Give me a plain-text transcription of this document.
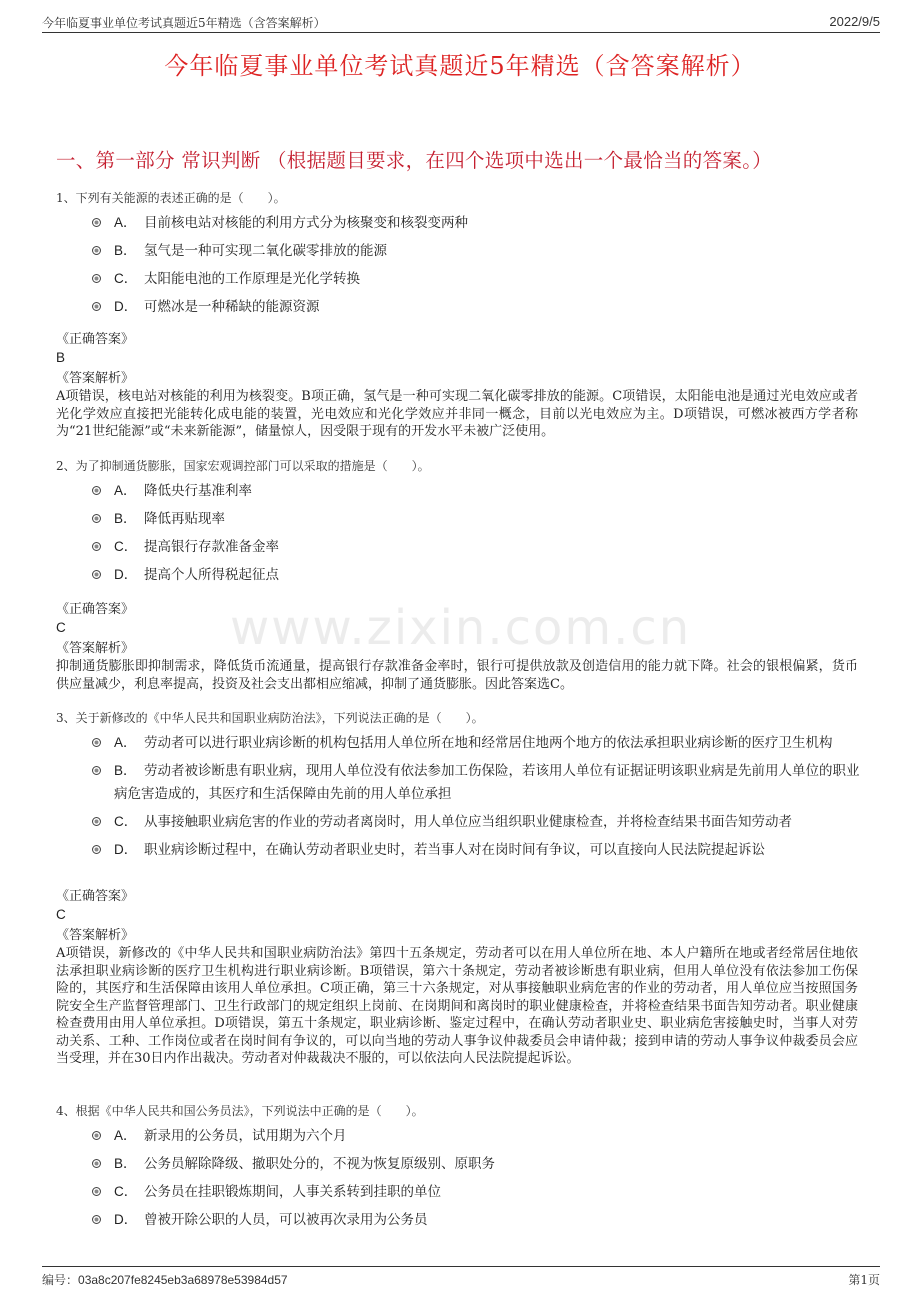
今年临夏事业单位考试真题近5年精选（含答案解析）	2022/9/5
今年临夏事业单位考试真题近5年精选（含答案解析）
一、第一部分 常识判断 （根据题目要求，在四个选项中选出一个最恰当的答案。）
www.zixin.com.cn
1、下列有关能源的表述正确的是（　　）。
A． 目前核电站对核能的利用方式分为核聚变和核裂变两种
B． 氢气是一种可实现二氧化碳零排放的能源
C． 太阳能电池的工作原理是光化学转换
D． 可燃冰是一种稀缺的能源资源
《正确答案》
B
《答案解析》
A项错误，核电站对核能的利用为核裂变。B项正确，氢气是一种可实现二氧化碳零排放的能源。C项错误，太阳能电池是通过光电效应或者光化学效应直接把光能转化成电能的装置，光电效应和光化学效应并非同一概念，目前以光电效应为主。D项错误，可燃冰被西方学者称为“21世纪能源”或“未来新能源”，储量惊人，因受限于现有的开发水平未被广泛使用。
2、为了抑制通货膨胀，国家宏观调控部门可以采取的措施是（　　）。
A． 降低央行基准利率
B． 降低再贴现率
C． 提高银行存款准备金率
D． 提高个人所得税起征点
《正确答案》
C
《答案解析》
抑制通货膨胀即抑制需求，降低货币流通量，提高银行存款准备金率时，银行可提供放款及创造信用的能力就下降。社会的银根偏紧，货币供应量减少，利息率提高，投资及社会支出都相应缩减，抑制了通货膨胀。因此答案选C。
3、关于新修改的《中华人民共和国职业病防治法》，下列说法正确的是（　　）。
A． 劳动者可以进行职业病诊断的机构包括用人单位所在地和经常居住地两个地方的依法承担职业病诊断的医疗卫生机构
B． 劳动者被诊断患有职业病，现用人单位没有依法参加工伤保险，若该用人单位有证据证明该职业病是先前用人单位的职业病危害造成的，其医疗和生活保障由先前的用人单位承担
C． 从事接触职业病危害的作业的劳动者离岗时，用人单位应当组织职业健康检查，并将检查结果书面告知劳动者
D． 职业病诊断过程中，在确认劳动者职业史时，若当事人对在岗时间有争议，可以直接向人民法院提起诉讼
《正确答案》
C
《答案解析》
A项错误，新修改的《中华人民共和国职业病防治法》第四十五条规定，劳动者可以在用人单位所在地、本人户籍所在地或者经常居住地依法承担职业病诊断的医疗卫生机构进行职业病诊断。B项错误，第六十条规定，劳动者被诊断患有职业病，但用人单位没有依法参加工伤保险的，其医疗和生活保障由该用人单位承担。C项正确，第三十六条规定，对从事接触职业病危害的作业的劳动者，用人单位应当按照国务院安全生产监督管理部门、卫生行政部门的规定组织上岗前、在岗期间和离岗时的职业健康检查，并将检查结果书面告知劳动者。职业健康检查费用由用人单位承担。D项错误，第五十条规定，职业病诊断、鉴定过程中，在确认劳动者职业史、职业病危害接触史时，当事人对劳动关系、工种、工作岗位或者在岗时间有争议的，可以向当地的劳动人事争议仲裁委员会申请仲裁；接到申请的劳动人事争议仲裁委员会应当受理，并在30日内作出裁决。劳动者对仲裁裁决不服的，可以依法向人民法院提起诉讼。
4、根据《中华人民共和国公务员法》，下列说法中正确的是（　　）。
A． 新录用的公务员，试用期为六个月
B． 公务员解除降级、撤职处分的，不视为恢复原级别、原职务
C． 公务员在挂职锻炼期间，人事关系转到挂职的单位
D． 曾被开除公职的人员，可以被再次录用为公务员
编号：03a8c207fe8245eb3a68978e53984d57	第1页
